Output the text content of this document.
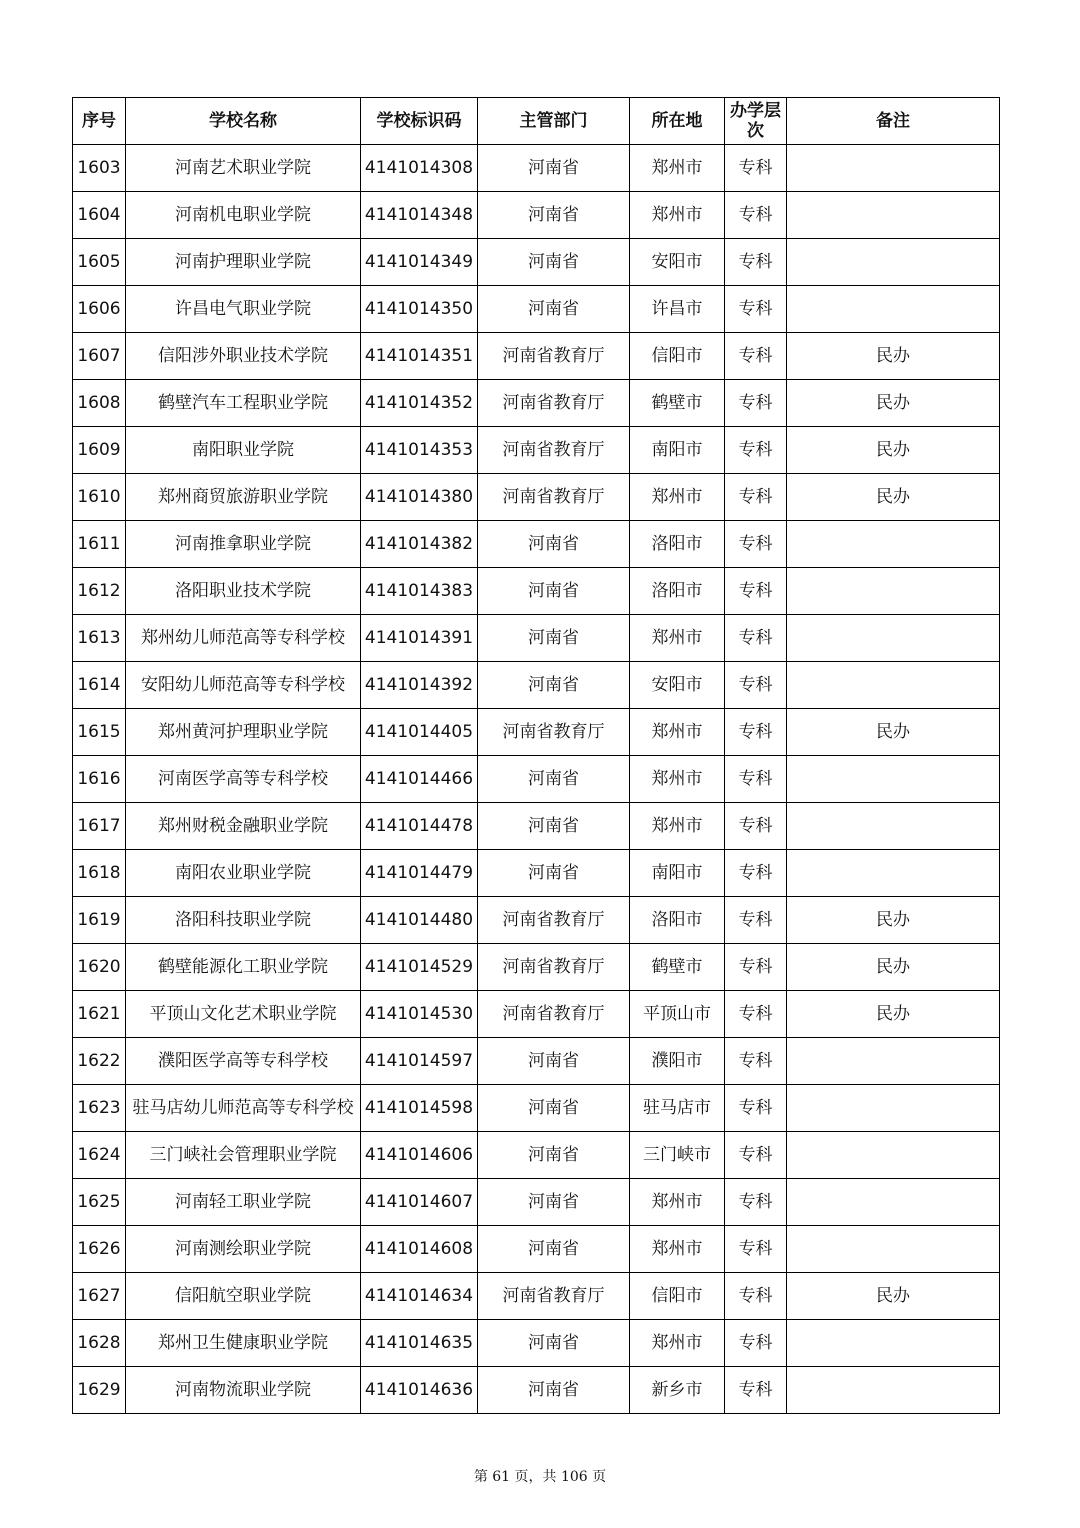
序号	学校名称	学校标识码	主管部门	所在地	办学层次	备注
1603	河南艺术职业学院	4141014308	河南省	郑州市	专科	
1604	河南机电职业学院	4141014348	河南省	郑州市	专科	
1605	河南护理职业学院	4141014349	河南省	安阳市	专科	
1606	许昌电气职业学院	4141014350	河南省	许昌市	专科	
1607	信阳涉外职业技术学院	4141014351	河南省教育厅	信阳市	专科	民办
1608	鹤壁汽车工程职业学院	4141014352	河南省教育厅	鹤壁市	专科	民办
1609	南阳职业学院	4141014353	河南省教育厅	南阳市	专科	民办
1610	郑州商贸旅游职业学院	4141014380	河南省教育厅	郑州市	专科	民办
1611	河南推拿职业学院	4141014382	河南省	洛阳市	专科	
1612	洛阳职业技术学院	4141014383	河南省	洛阳市	专科	
1613	郑州幼儿师范高等专科学校	4141014391	河南省	郑州市	专科	
1614	安阳幼儿师范高等专科学校	4141014392	河南省	安阳市	专科	
1615	郑州黄河护理职业学院	4141014405	河南省教育厅	郑州市	专科	民办
1616	河南医学高等专科学校	4141014466	河南省	郑州市	专科	
1617	郑州财税金融职业学院	4141014478	河南省	郑州市	专科	
1618	南阳农业职业学院	4141014479	河南省	南阳市	专科	
1619	洛阳科技职业学院	4141014480	河南省教育厅	洛阳市	专科	民办
1620	鹤壁能源化工职业学院	4141014529	河南省教育厅	鹤壁市	专科	民办
1621	平顶山文化艺术职业学院	4141014530	河南省教育厅	平顶山市	专科	民办
1622	濮阳医学高等专科学校	4141014597	河南省	濮阳市	专科	
1623	驻马店幼儿师范高等专科学校	4141014598	河南省	驻马店市	专科	
1624	三门峡社会管理职业学院	4141014606	河南省	三门峡市	专科	
1625	河南轻工职业学院	4141014607	河南省	郑州市	专科	
1626	河南测绘职业学院	4141014608	河南省	郑州市	专科	
1627	信阳航空职业学院	4141014634	河南省教育厅	信阳市	专科	民办
1628	郑州卫生健康职业学院	4141014635	河南省	郑州市	专科	
1629	河南物流职业学院	4141014636	河南省	新乡市	专科	
第 61 页，共 106 页
